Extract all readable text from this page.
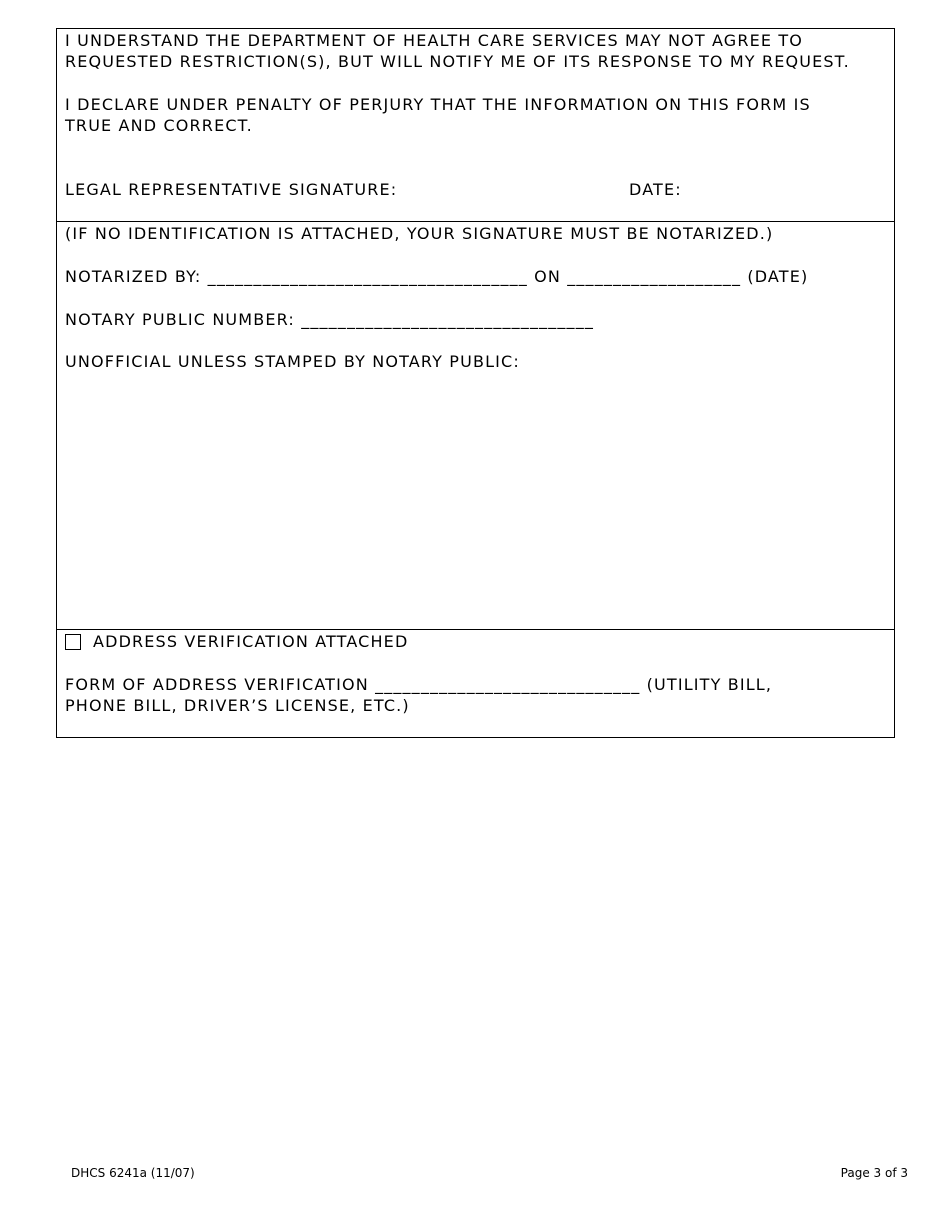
I UNDERSTAND THE DEPARTMENT OF HEALTH CARE SERVICES MAY NOT AGREE TO
REQUESTED RESTRICTION(S), BUT WILL NOTIFY ME OF ITS RESPONSE TO MY REQUEST.
I DECLARE UNDER PENALTY OF PERJURY THAT THE INFORMATION ON THIS FORM IS
TRUE AND CORRECT.
LEGAL REPRESENTATIVE SIGNATURE:	DATE:
(IF NO IDENTIFICATION IS ATTACHED, YOUR SIGNATURE MUST BE NOTARIZED.)
NOTARIZED BY: ___________________________________ ON ___________________ (DATE)
NOTARY PUBLIC NUMBER: ________________________________
UNOFFICIAL UNLESS STAMPED BY NOTARY PUBLIC:
ADDRESS VERIFICATION ATTACHED
FORM OF ADDRESS VERIFICATION _____________________________ (UTILITY BILL,
PHONE BILL, DRIVER’S LICENSE, ETC.)
DHCS 6241a (11/07)	Page 3 of 3
